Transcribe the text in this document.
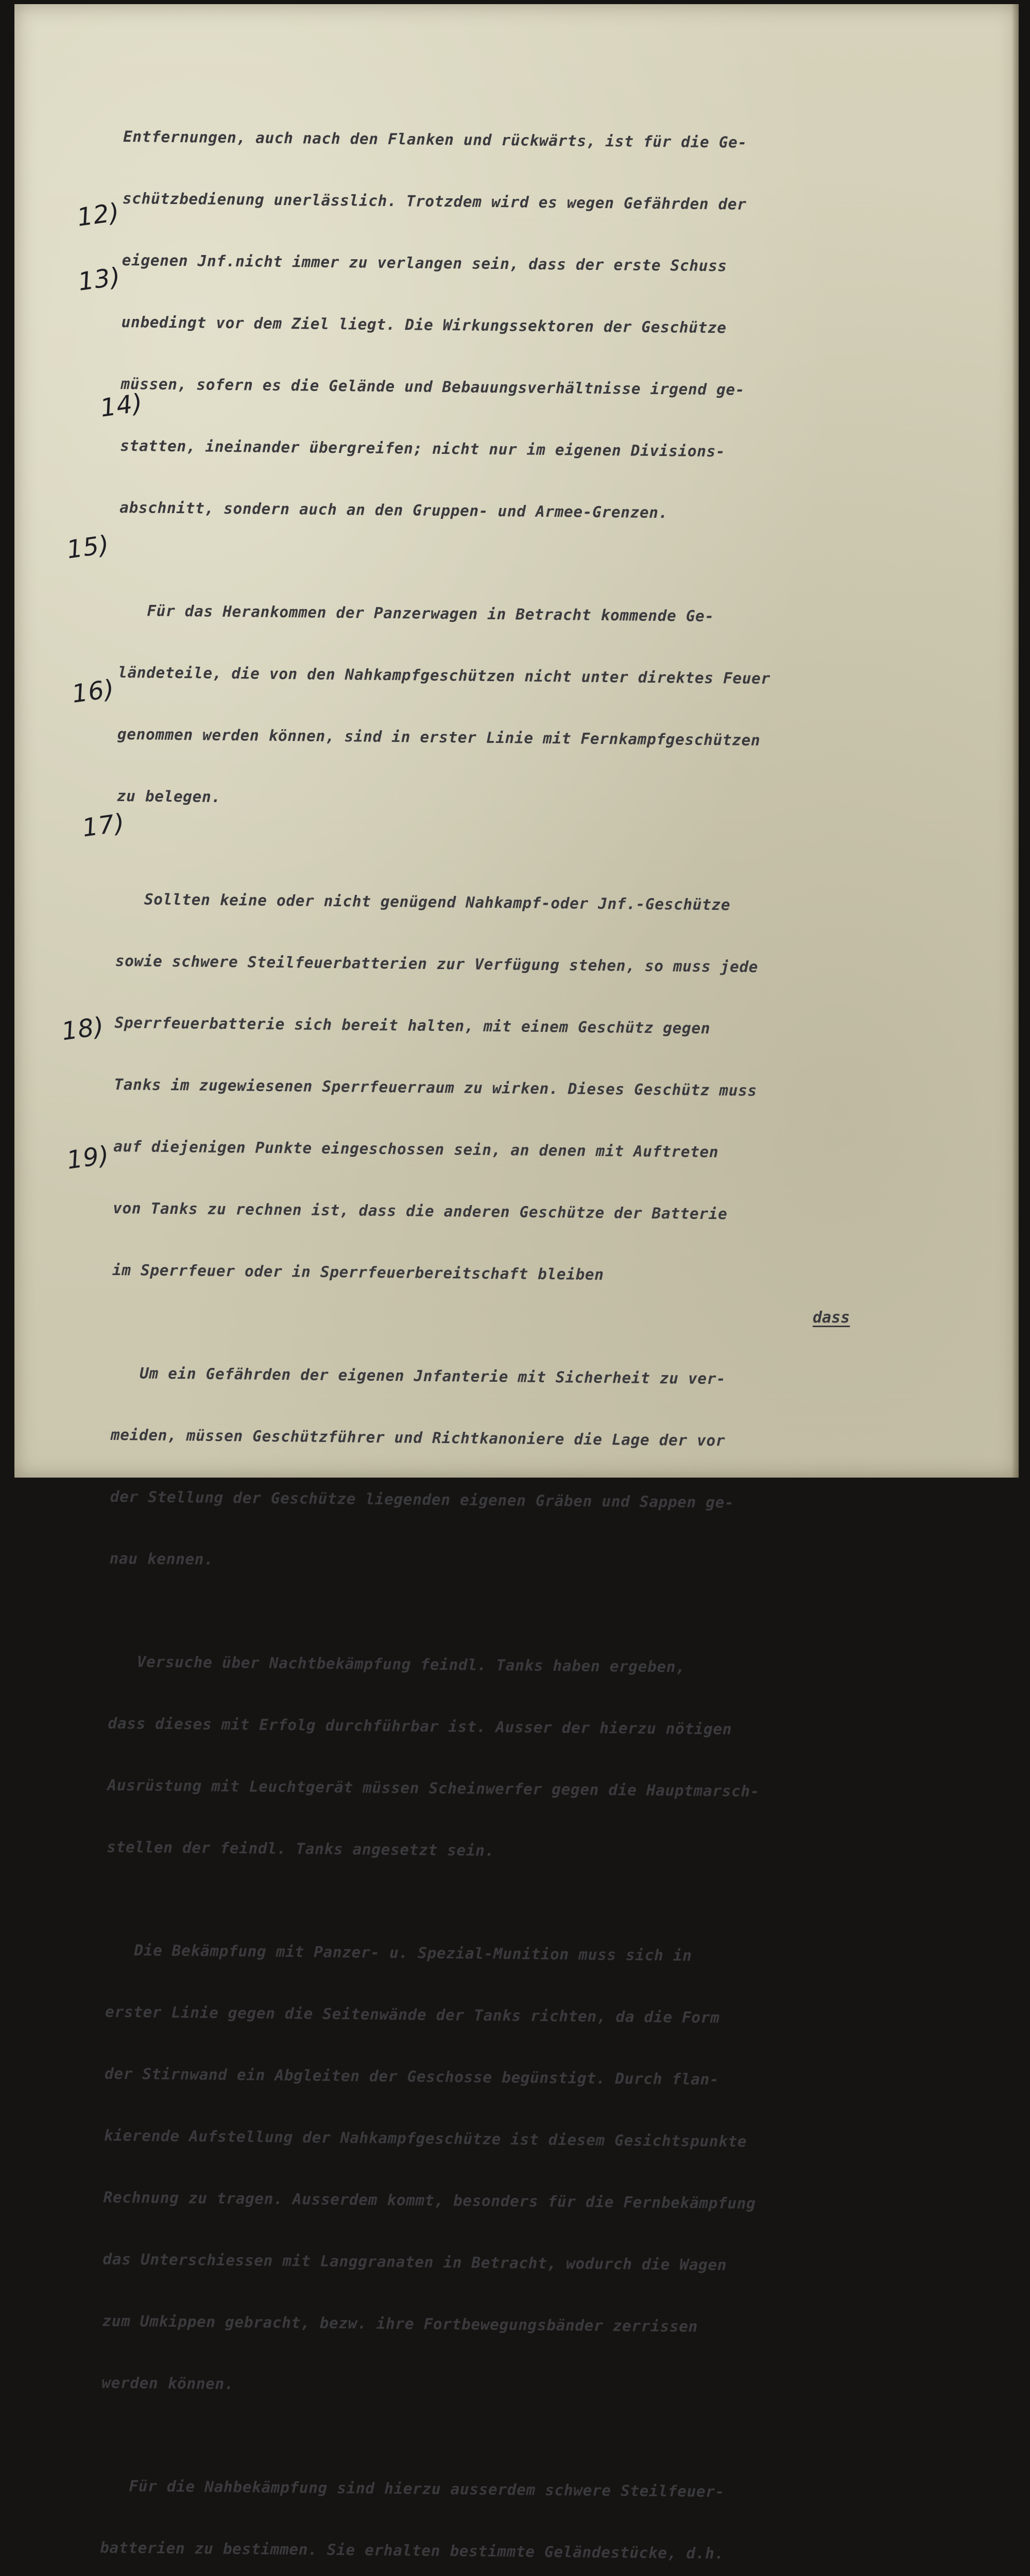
Entfernungen, auch nach den Flanken und rückwärts, ist für die Ge-

schützbedienung unerlässlich. Trotzdem wird es wegen Gefährden der

eigenen Jnf.nicht immer zu verlangen sein, dass der erste Schuss

unbedingt vor dem Ziel liegt. Die Wirkungssektoren der Geschütze

müssen, sofern es die Gelände und Bebauungsverhältnisse irgend ge-

statten, ineinander übergreifen; nicht nur im eigenen Divisions-

abschnitt, sondern auch an den Gruppen- und Armee-Grenzen.

Für das Herankommen der Panzerwagen in Betracht kommende Ge-

ländeteile, die von den Nahkampfgeschützen nicht unter direktes Feuer

genommen werden können, sind in erster Linie mit Fernkampfgeschützen

zu belegen.

Sollten keine oder nicht genügend Nahkampf-oder Jnf.-Geschütze

sowie schwere Steilfeuerbatterien zur Verfügung stehen, so muss jede

Sperrfeuerbatterie sich bereit halten, mit einem Geschütz gegen

Tanks im zugewiesenen Sperrfeuerraum zu wirken. Dieses Geschütz muss

auf diejenigen Punkte eingeschossen sein, an denen mit Auftreten

von Tanks zu rechnen ist, dass die anderen Geschütze der Batterie

im Sperrfeuer oder in Sperrfeuerbereitschaft bleiben

Um ein Gefährden der eigenen Jnfanterie mit Sicherheit zu ver-

meiden, müssen Geschützführer und Richtkanoniere die Lage der vor

der Stellung der Geschütze liegenden eigenen Gräben und Sappen ge-

nau kennen.

Versuche über Nachtbekämpfung feindl. Tanks haben ergeben,

dass dieses mit Erfolg durchführbar ist. Ausser der hierzu nötigen

Ausrüstung mit Leuchtgerät müssen Scheinwerfer gegen die Hauptmarsch-

stellen der feindl. Tanks angesetzt sein.

Die Bekämpfung mit Panzer- u. Spezial-Munition muss sich in

erster Linie gegen die Seitenwände der Tanks richten, da die Form

der Stirnwand ein Abgleiten der Geschosse begünstigt. Durch flan-

kierende Aufstellung der Nahkampfgeschütze ist diesem Gesichtspunkte

Rechnung zu tragen. Ausserdem kommt, besonders für die Fernbekämpfung

das Unterschiessen mit Langgranaten in Betracht, wodurch die Wagen

zum Umkippen gebracht, bezw. ihre Fortbewegungsbänder zerrissen

werden können.

Für die Nahbekämpfung sind hierzu ausserdem schwere Steilfeuer-

batterien zu bestimmen. Sie erhalten bestimmte Geländestücke, d.h.

12)
13)
14)
15)
16)
17)
18)
19)
dass
